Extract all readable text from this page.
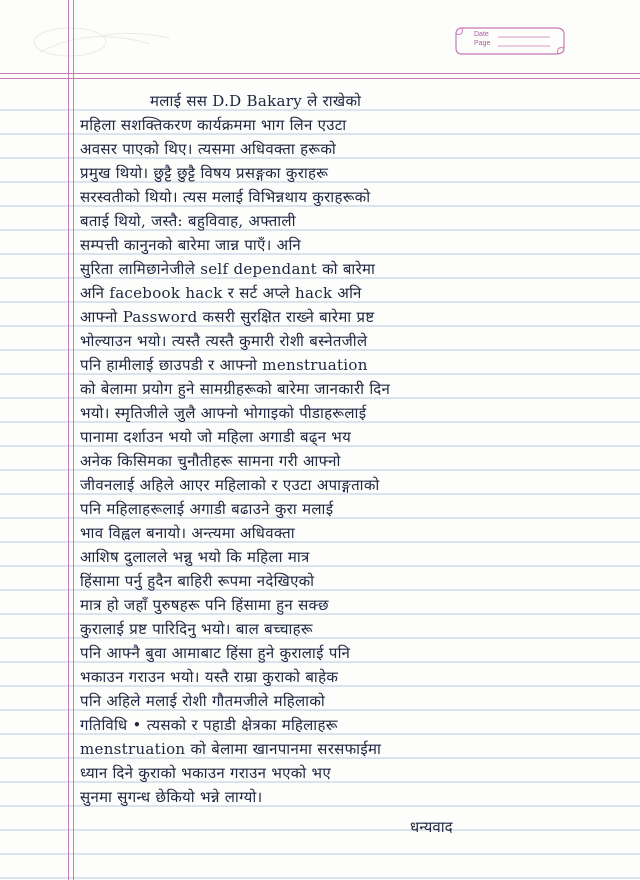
Date
Page
मलाई सस D.D Bakary ले राखेको
महिला सशक्तिकरण कार्यक्रममा भाग लिन एउटा
अवसर पाएको थिए। त्यसमा अधिवक्ता हरूको
प्रमुख थियो। छुट्टै छुट्टै विषय प्रसङ्गका कुराहरू
सरस्वतीको थियो। त्यस मलाई विभिन्नथाय कुराहरूको
बताई थियो, जस्तै: बहुविवाह, अफ्ताली
सम्पत्ती कानुनको बारेमा जान्न पाएँ। अनि
सुरिता लामिछानेजीले self dependant को बारेमा
अनि facebook hack र सर्ट अप्ले hack अनि
आफ्नो Password कसरी सुरक्षित राख्ने बारेमा प्रष्ट
भोल्याउन भयो। त्यस्तै त्यस्तै कुमारी रोशी बस्नेतजीले
पनि हामीलाई छाउपडी र आफ्नो menstruation
को बेलामा प्रयोग हुने सामग्रीहरूको बारेमा जानकारी दिन
भयो। स्मृतिजीले जुलै आफ्नो भोगाइको पीडाहरूलाई
पानामा दर्शाउन भयो जो महिला अगाडी बढ्न भय
अनेक किसिमका चुनौतीहरू सामना गरी आफ्नो
जीवनलाई अहिले आएर महिलाको र एउटा अपाङ्गताको
पनि महिलाहरूलाई अगाडी बढाउने कुरा मलाई
भाव विह्वल बनायो। अन्त्यमा अधिवक्ता
आशिष दुलालले भन्नु भयो कि महिला मात्र
हिंसामा पर्नु हुदैन बाहिरी रूपमा नदेखिएको
मात्र हो जहाँ पुरुषहरू पनि हिंसामा हुन सक्छ
कुरालाई प्रष्ट पारिदिनु भयो। बाल बच्चाहरू
पनि आफ्नै बुवा आमाबाट हिंसा हुने कुरालाई पनि
भकाउन गराउन भयो। यस्तै राम्रा कुराको बाहेक
पनि अहिले मलाई रोशी गौतमजीले महिलाको
गतिविधि • त्यसको र पहाडी क्षेत्रका महिलाहरू
menstruation को बेलामा खानपानमा सरसफाईमा
ध्यान दिने कुराको भकाउन गराउन भएको भए
सुनमा सुगन्ध छेकियो भन्ने लाग्यो।
धन्यवाद
